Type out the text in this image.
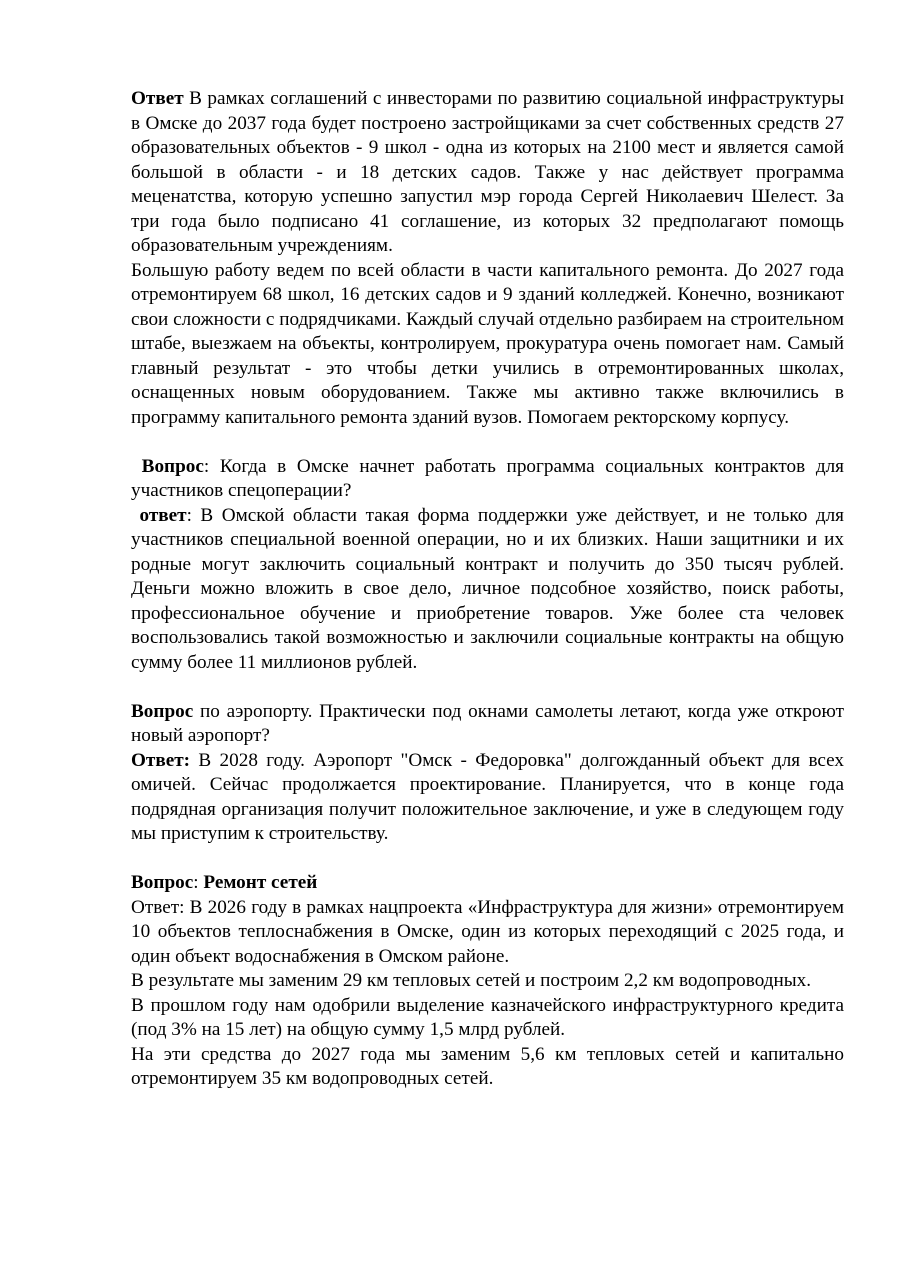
Ответ В рамках соглашений с инвесторами по развитию социальной инфраструктуры в Омске до 2037 года будет построено застройщиками за счет собственных средств 27 образовательных объектов - 9 школ - одна из которых на 2100 мест и является самой большой в области - и 18 детских садов. Также у нас действует программа меценатства, которую успешно запустил мэр города Сергей Николаевич Шелест. За три года было подписано 41 соглашение, из которых 32 предполагают помощь образовательным учреждениям.

Большую работу ведем по всей области в части капитального ремонта. До 2027 года отремонтируем 68 школ, 16 детских садов и 9 зданий колледжей. Конечно, возникают свои сложности с подрядчиками. Каждый случай отдельно разбираем на строительном штабе, выезжаем на объекты, контролируем, прокуратура очень помогает нам. Самый главный результат - это чтобы детки учились в отремонтированных школах, оснащенных новым оборудованием. Также мы активно также включились в программу капитального ремонта зданий вузов. Помогаем ректорскому корпусу.

Вопрос: Когда в Омске начнет работать программа социальных контрактов для участников спецоперации?

ответ: В Омской области такая форма поддержки уже действует, и не только для участников специальной военной операции, но и их близких. Наши защитники и их родные могут заключить социальный контракт и получить до 350 тысяч рублей. Деньги можно вложить в свое дело, личное подсобное хозяйство, поиск работы, профессиональное обучение и приобретение товаров. Уже более ста человек воспользовались такой возможностью и заключили социальные контракты на общую сумму более 11 миллионов рублей.

Вопрос по аэропорту. Практически под окнами самолеты летают, когда уже откроют новый аэропорт?

Ответ: В 2028 году. Аэропорт "Омск - Федоровка" долгожданный объект для всех омичей. Сейчас продолжается проектирование. Планируется, что в конце года подрядная организация получит положительное заключение, и уже в следующем году мы приступим к строительству.

Вопрос: Ремонт сетей

Ответ: В 2026 году в рамках нацпроекта «Инфраструктура для жизни» отремонтируем 10 объектов теплоснабжения в Омске, один из которых переходящий с 2025 года, и один объект водоснабжения в Омском районе.

В результате мы заменим 29 км тепловых сетей и построим 2,2 км водопроводных.

В прошлом году нам одобрили выделение казначейского инфраструктурного кредита (под 3% на 15 лет) на общую сумму 1,5 млрд рублей.

На эти средства до 2027 года мы заменим 5,6 км тепловых сетей и капитально отремонтируем 35 км водопроводных сетей.
